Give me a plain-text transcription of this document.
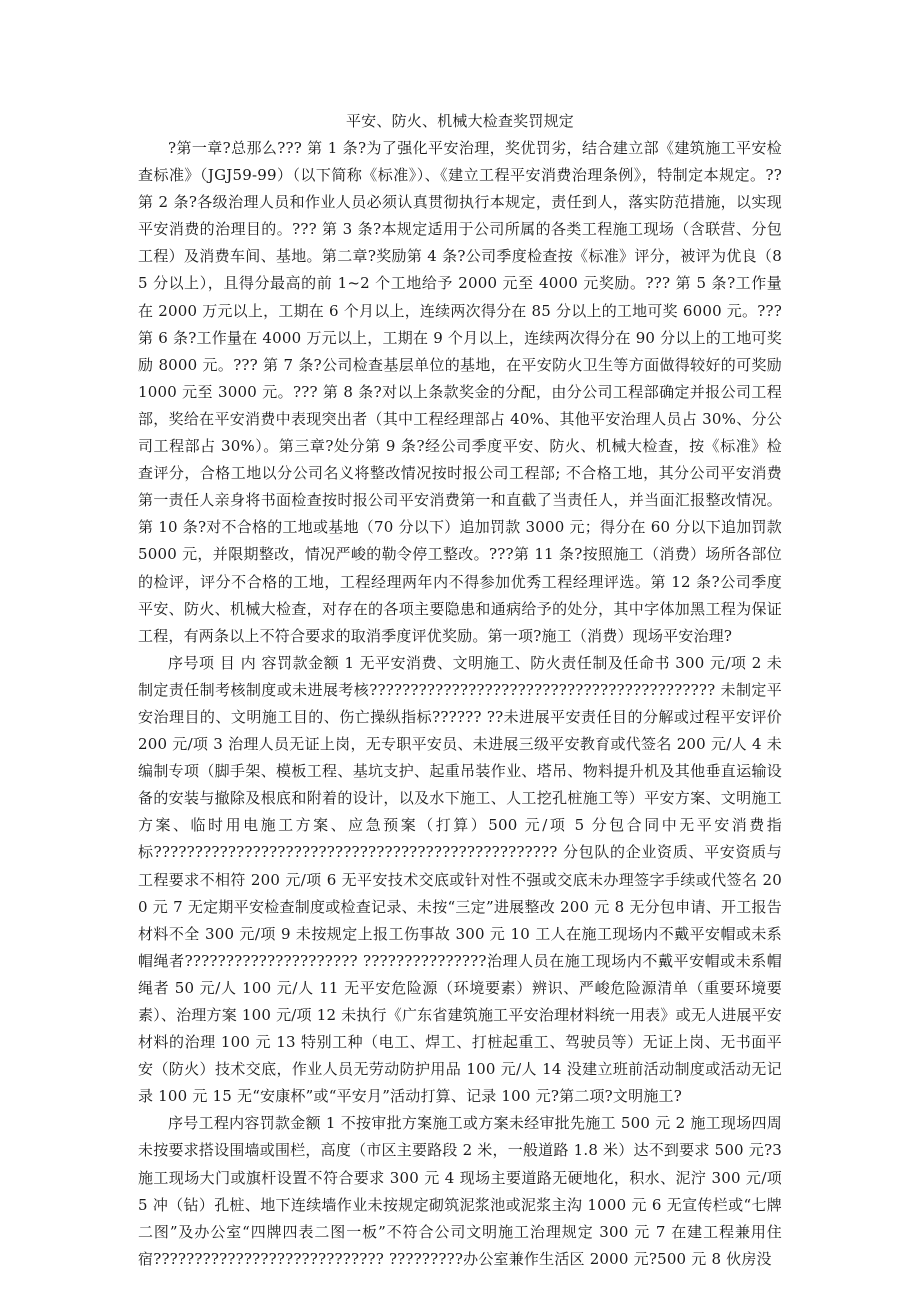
平安、防火、机械大检查奖罚规定

?第一章?总那么??? 第 1 条?为了强化平安治理，奖优罚劣，结合建立部《建筑施工平安检查标准》（JGJ59-99）（以下简称《标准》）、《建立工程平安消费治理条例》，特制定本规定。?? 第 2 条?各级治理人员和作业人员必须认真贯彻执行本规定，责任到人，落实防范措施，以实现平安消费的治理目的。??? 第 3 条?本规定适用于公司所属的各类工程施工现场（含联营、分包工程）及消费车间、基地。第二章?奖励第 4 条?公司季度检查按《标准》评分，被评为优良（85 分以上），且得分最高的前 1~2 个工地给予 2000 元至 4000 元奖励。??? 第 5 条?工作量在 2000 万元以上，工期在 6 个月以上，连续两次得分在 85 分以上的工地可奖 6000 元。??? 第 6 条?工作量在 4000 万元以上，工期在 9 个月以上，连续两次得分在 90 分以上的工地可奖励 8000 元。??? 第 7 条?公司检查基层单位的基地，在平安防火卫生等方面做得较好的可奖励 1000 元至 3000 元。??? 第 8 条?对以上条款奖金的分配，由分公司工程部确定并报公司工程部，奖给在平安消费中表现突出者（其中工程经理部占 40%、其他平安治理人员占 30%、分公司工程部占 30%）。第三章?处分第 9 条?经公司季度平安、防火、机械大检查，按《标准》检查评分，合格工地以分公司名义将整改情况按时报公司工程部; 不合格工地，其分公司平安消费第一责任人亲身将书面检查按时报公司平安消费第一和直截了当责任人，并当面汇报整改情况。第 10 条?对不合格的工地或基地（70 分以下）追加罚款 3000 元；得分在 60 分以下追加罚款 5000 元，并限期整改，情况严峻的勒令停工整改。???第 11 条?按照施工（消费）场所各部位的检评，评分不合格的工地，工程经理两年内不得参加优秀工程经理评选。第 12 条?公司季度平安、防火、机械大检查，对存在的各项主要隐患和通病给予的处分，其中字体加黑工程为保证工程，有两条以上不符合要求的取消季度评优奖励。第一项?施工（消费）现场平安治理?

序号项 目 内 容罚款金额 1 无平安消费、文明施工、防火责任制及任命书 300 元/项 2 未制定责任制考核制度或未进展考核?????????????????????????????????????????? 未制定平安治理目的、文明施工目的、伤亡操纵指标?????? ??未进展平安责任目的分解或过程平安评价 200 元/项 3 治理人员无证上岗，无专职平安员、未进展三级平安教育或代签名 200 元/人 4 未编制专项（脚手架、模板工程、基坑支护、起重吊装作业、塔吊、物料提升机及其他垂直运输设备的安装与撤除及根底和附着的设计，以及水下施工、人工挖孔桩施工等）平安方案、文明施工方案、临时用电施工方案、应急预案（打算）500 元/项 5 分包合同中无平安消费指标????????????????????????????????????????????????? 分包队的企业资质、平安资质与工程要求不相符 200 元/项 6 无平安技术交底或针对性不强或交底未办理签字手续或代签名 200 元 7 无定期平安检查制度或检查记录、未按“三定”进展整改 200 元 8 无分包申请、开工报告材料不全 300 元/项 9 未按规定上报工伤事故 300 元 10 工人在施工现场内不戴平安帽或未系帽绳者????????????????????? ???????????????治理人员在施工现场内不戴平安帽或未系帽绳者 50 元/人 100 元/人 11 无平安危险源（环境要素）辨识、严峻危险源清单（重要环境要素）、治理方案 100 元/项 12 未执行《广东省建筑施工平安治理材料统一用表》或无人进展平安材料的治理 100 元 13 特别工种（电工、焊工、打桩起重工、驾驶员等）无证上岗、无书面平安（防火）技术交底，作业人员无劳动防护用品 100 元/人 14 没建立班前活动制度或活动无记录 100 元 15 无“安康杯”或“平安月”活动打算、记录 100 元?第二项?文明施工?

序号工程内容罚款金额 1 不按审批方案施工或方案未经审批先施工 500 元 2 施工现场四周未按要求搭设围墙或围栏，高度（市区主要路段 2 米，一般道路 1.8 米）达不到要求 500 元?3 施工现场大门或旗杆设置不符合要求 300 元 4 现场主要道路无硬地化，积水、泥泞 300 元/项 5 冲（钻）孔桩、地下连续墙作业未按规定砌筑泥浆池或泥浆主沟 1000 元 6 无宣传栏或“七牌二图”及办公室“四牌四表二图一板”不符合公司文明施工治理规定 300 元 7 在建工程兼用住宿???????????????????????????? ?????????办公室兼作生活区 2000 元?500 元 8 伙房没
